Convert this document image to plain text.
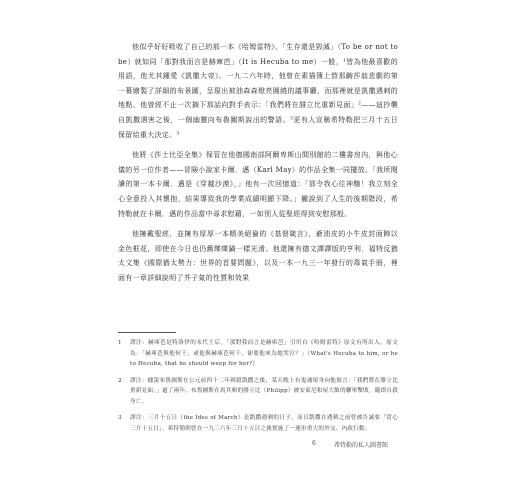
他似乎好好吸收了自己的那一本《哈姆雷特》，「生存還是毀滅」（To be or not to be）就如同「那對我而言是赫庫芭」（It is Hecuba to me）一般，¹皆為他最喜歡的用語，他尤其鍾愛《凱撒大帝》。一九二六年時，他曾在素描簿上替那齣莎翁悲劇的第一幕繪製了詳細的布景圖，呈現出被油森森燈亮圓繞的議事廳，而那裡就是凱撒遇刺的地點。他曾經不止一次摘下那話向對手表示：「我們將在腓立比重新見面」²——這抄襲自凱撒遇害之後，一個幽靈向布魯圖斯說出的警語。³更有人宣稱希特勒把三月十五日保留給重大決定。³

他將《莎士比亞全集》保管在他德國南部阿爾卑斯山間別館的二樓書房內，與他心儀的另一位作者——冒險小說家卡爾．邁（Karl May）的作品全集一同擺放。「我所閱讀的第一本卡爾．邁是《穿越沙漠》，」他有一次回憶道：「那令我心往神馳！我立刻全心全意投入其懷抱，結果導致我的學業成績明顯下降。」撇說到了人生的後期階段，希特勒就在卡爾．邁的作品當中尋求慰藉，一如別人從聖經得到安慰那般。

他擁戴聖經，並擁有厚厚一本精美絕倫的《基督箴言》，爺油皮的小牛皮封面飾以金色框花，即使在今日也仍舊爍爍鍋一樣光滑。他還擁有德文譯譯版的亨利．福特反猶太文集《國際猶太勢力：世界的首要問題》，以及一本一九三一年發行的毒氣手冊，裡面有一章詳細說明了芥子氣的性質和效果

1 譯注：赫庫芭是特洛伊的末代王后。「那對我而言是赫庫芭」引用自《哈姆雷特》原文有所出入，原文為：「赫庫芭與他何干，或他與赫庫芭何干，卻要他來為她哭泣？」（What's Hecuba to him, or he to Hecuba, that he should weep for her?）
2 譯注：據說布魯圖斯在公元前四十二年刺殺凱撒之後，某天晚上有鬼魂現身向他預言：「我們將在腓立比重新見面。」過了兩年，布魯圖斯在馬其頓的腓立比（Philipp）被安東尼和屋大維的聯軍擊敗，隨即自殺身亡。
3 譯注：三月十五日（the Ides of March）是凱撒遇刺的日子。而且凱撒在遇刺之前曾被告誡要「當心三月十五日」。希特勒則曾在一九三六年三月十五日之後實施了一連串重大的外交、內政行動。
6	希特勒的私人圖書館
